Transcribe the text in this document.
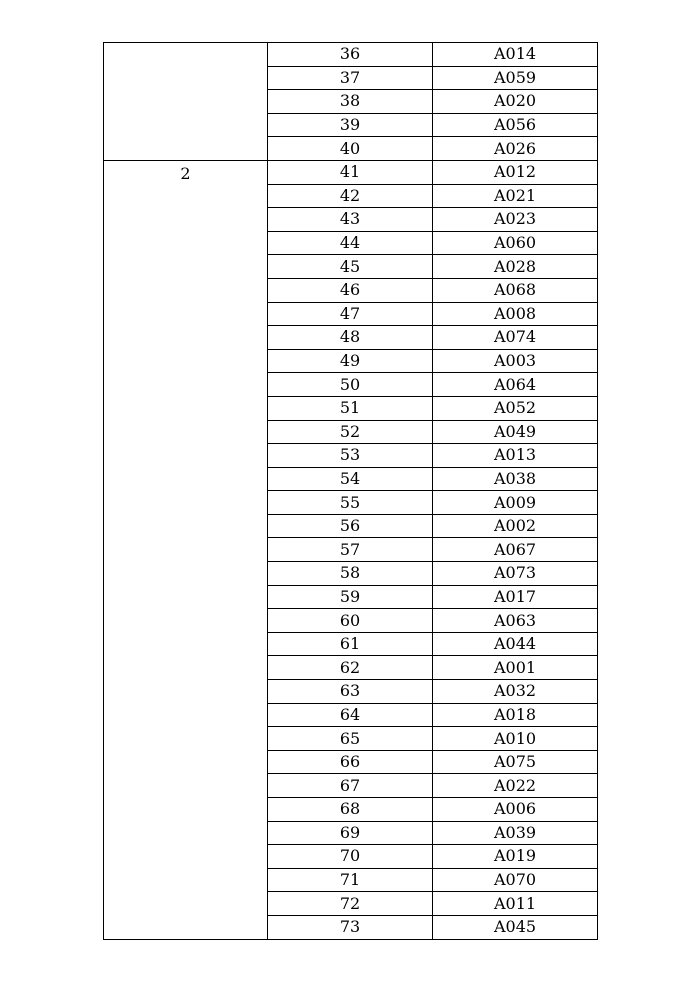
	36	A014
	37	A059
	38	A020
	39	A056
	40	A026
2	41	A012
	42	A021
	43	A023
	44	A060
	45	A028
	46	A068
	47	A008
	48	A074
	49	A003
	50	A064
	51	A052
	52	A049
	53	A013
	54	A038
	55	A009
	56	A002
	57	A067
	58	A073
	59	A017
	60	A063
	61	A044
	62	A001
	63	A032
	64	A018
	65	A010
	66	A075
	67	A022
	68	A006
	69	A039
	70	A019
	71	A070
	72	A011
	73	A045
